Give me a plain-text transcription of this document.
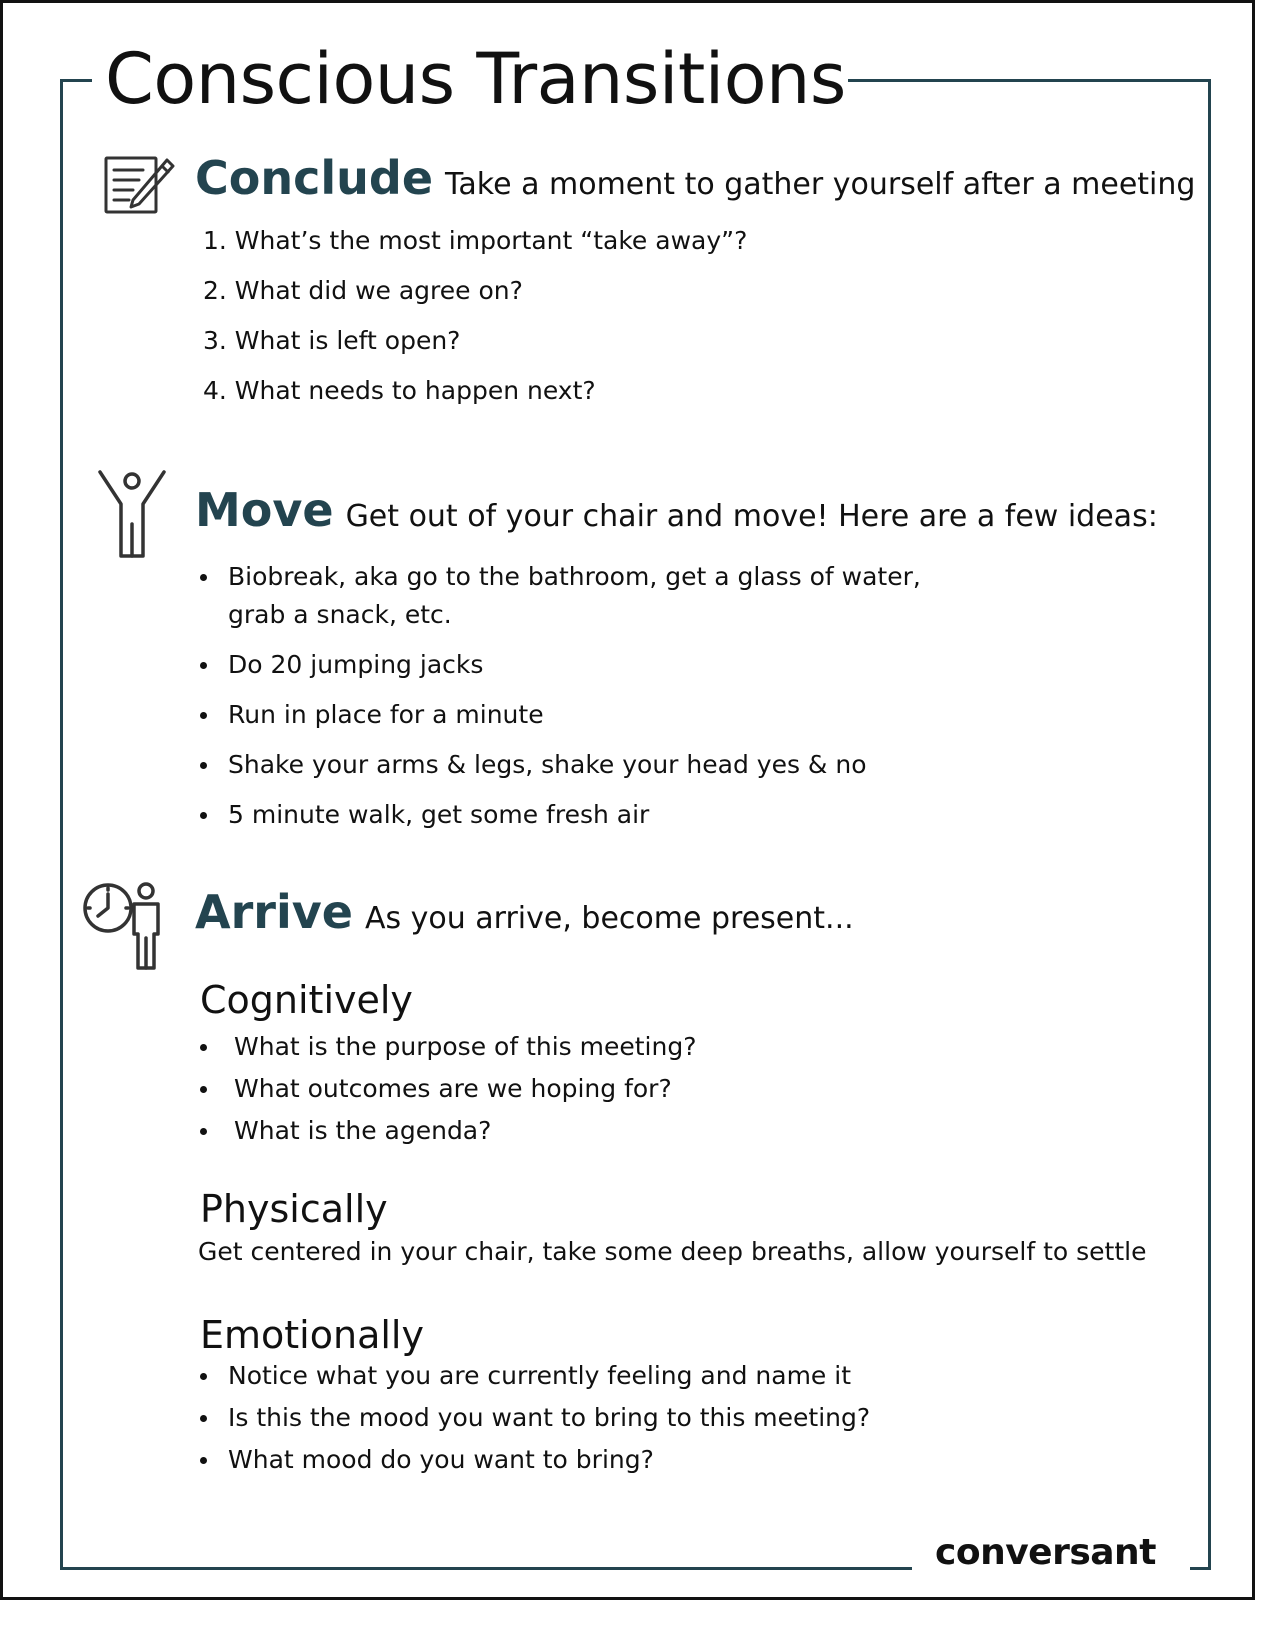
Conscious Transitions
Conclude Take a moment to gather yourself after a meeting
1. What’s the most important “take away”?
2. What did we agree on?
3. What is left open?
4. What needs to happen next?
Move Get out of your chair and move! Here are a few ideas:
Biobreak, aka go to the bathroom, get a glass of water,
grab a snack, etc.
Do 20 jumping jacks
Run in place for a minute
Shake your arms & legs, shake your head yes & no
5 minute walk, get some fresh air
Arrive As you arrive, become present...
Cognitively
What is the purpose of this meeting?
What outcomes are we hoping for?
What is the agenda?
Physically

Get centered in your chair, take some deep breaths, allow yourself to settle

Emotionally
Notice what you are currently feeling and name it
Is this the mood you want to bring to this meeting?
What mood do you want to bring?
conversant
